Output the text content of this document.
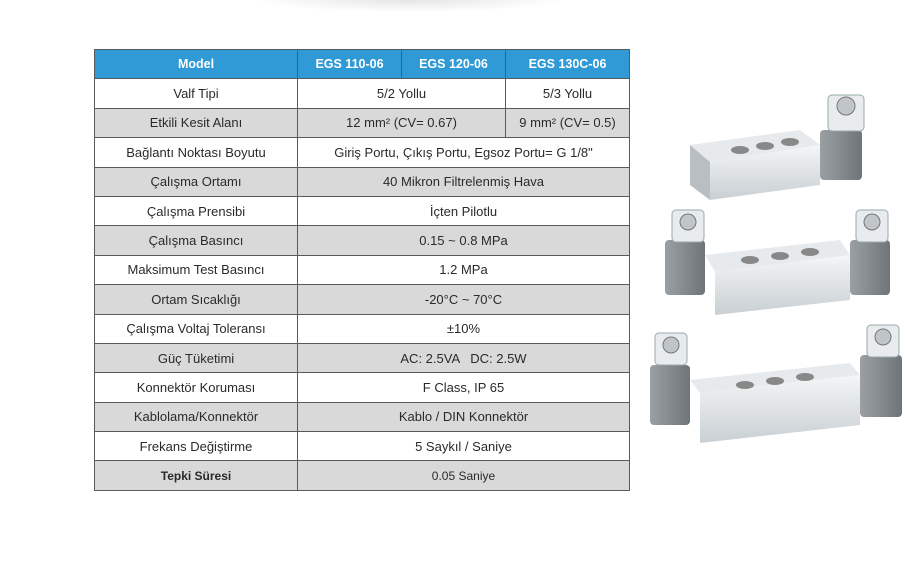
Model	EGS 110-06	EGS 120-06	EGS 130C-06
Valf Tipi	5/2 Yollu		5/3 Yollu
Etkili Kesit Alanı	12 mm² (CV= 0.67)		9 mm² (CV= 0.5)
Bağlantı Noktası Boyutu	Giriş Portu, Çıkış Portu, Egsoz Portu= G 1/8"		
Çalışma Ortamı	40 Mikron Filtrelenmiş Hava		
Çalışma Prensibi	İçten Pilotlu		
Çalışma Basıncı	0.15 ~ 0.8 MPa		
Maksimum Test Basıncı	1.2 MPa		
Ortam Sıcaklığı	-20°C ~ 70°C		
Çalışma Voltaj Toleransı	±10%		
Güç Tüketimi	AC: 2.5VA   DC: 2.5W		
Konnektör Koruması	F Class, IP 65		
Kablolama/Konnektör	Kablo / DIN Konnektör		
Frekans Değiştirme	5 Saykıl / Saniye		
Tepki Süresi	0.05 Saniye		
